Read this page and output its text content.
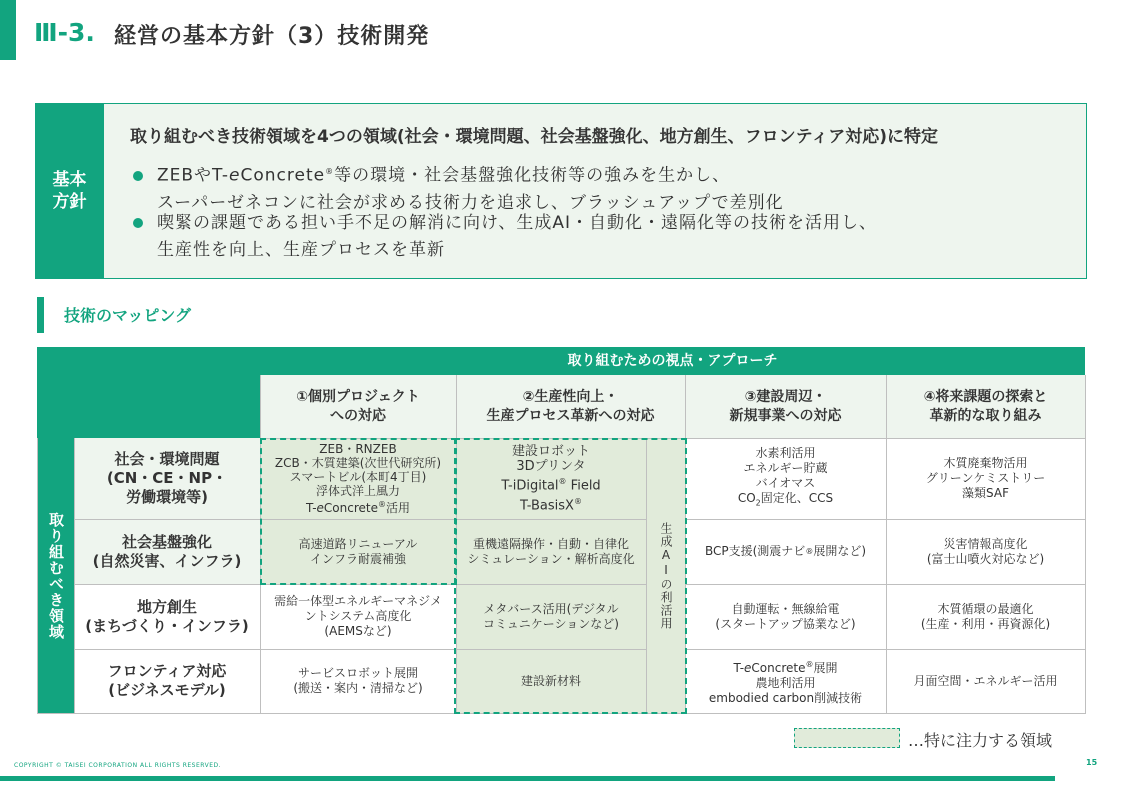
Ⅲ-3. 経営の基本方針（3）技術開発
基本
方針
取り組むべき技術領域を4つの領域(社会・環境問題、社会基盤強化、地方創生、フロンティア対応)に特定
ZEBやT-eConcrete®等の環境・社会基盤強化技術等の強みを生かし、
スーパーゼネコンに社会が求める技術力を追求し、ブラッシュアップで差別化
喫緊の課題である担い手不足の解消に向け、生成AI・自動化・遠隔化等の技術を活用し、
生産性を向上、生産プロセスを革新
技術のマッピング
取り組むための視点・アプローチ
取り組むべき領域
①個別プロジェクト
への対応
②生産性向上・
生産プロセス革新への対応
③建設周辺・
新規事業への対応
④将来課題の探索と
革新的な取り組み
社会・環境問題
(CN・CE・NP・
労働環境等)
社会基盤強化
(自然災害、インフラ)
地方創生
(まちづくり・インフラ)
フロンティア対応
(ビジネスモデル)
ZEB・RNZEB
ZCB・木質建築(次世代研究所)
スマートビル(本町4丁目)
浮体式洋上風力
T-eConcrete®活用
建設ロボット
3Dプリンタ
T-iDigital® Field
T-BasisX®
水素利活用
エネルギー貯蔵
バイオマス
$CO_2$固定化、CCS
木質廃棄物活用
グリーンケミストリー
藻類SAF
高速道路リニューアル
インフラ耐震補強
重機遠隔操作・自動・自律化
シミュレーション・解析高度化
BCP支援(測震ナビ ® 展開など)
災害情報高度化
(富士山噴火対応など)
需給一体型エネルギーマネジメ
ントシステム高度化
(AEMSなど)
メタバース活用(デジタル
コミュニケーションなど)
自動運転・無線給電
(スタートアップ協業など)
木質循環の最適化
(生産・利用・再資源化)
サービスロボット展開
(搬送・案内・清掃など)
建設新材料
T-eConcrete®展開
農地利活用
embodied carbon削減技術
月面空間・エネルギー活用
生成AIの利活用
…特に注力する領域
COPYRIGHT © TAISEI CORPORATION ALL RIGHTS RESERVED.	15
